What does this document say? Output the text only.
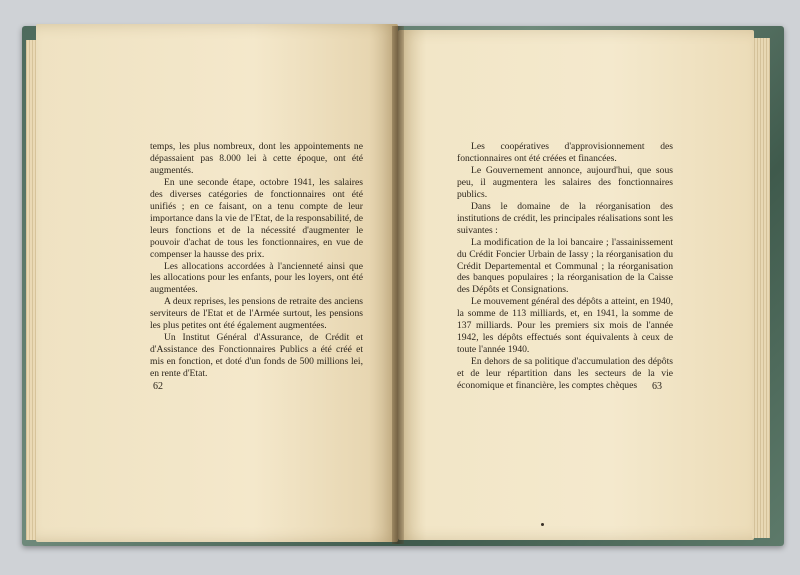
temps, les plus nombreux, dont les appointements ne dépassaient pas 8.000 lei à cette époque, ont été augmentés.

En une seconde étape, octobre 1941, les salaires des diverses catégories de fonctionnaires ont été unifiés ; en ce faisant, on a tenu compte de leur importance dans la vie de l'Etat, de la responsabilité, de leurs fonctions et de la nécessité d'augmenter le pouvoir d'achat de tous les fonctionnaires, en vue de compenser la hausse des prix.

Les allocations accordées à l'ancienneté ainsi que les allocations pour les enfants, pour les loyers, ont été augmentées.

A deux reprises, les pensions de retraite des anciens serviteurs de l'Etat et de l'Armée surtout, les pensions les plus petites ont été également augmentées.

Un Institut Général d'Assurance, de Crédit et d'Assistance des Fonctionnaires Publics a été créé et mis en fonction, et doté d'un fonds de 500 millions lei, en rente d'Etat.

62

Les coopératives d'approvisionnement des fonctionnaires ont été créées et financées.

Le Gouvernement annonce, aujourd'hui, que sous peu, il augmentera les salaires des fonctionnaires publics.

Dans le domaine de la réorganisation des institutions de crédit, les principales réalisations sont les suivantes :

La modification de la loi bancaire ; l'assainissement du Crédit Foncier Urbain de Iassy ; la réorganisation du Crédit Departemental et Communal ; la réorganisation des banques populaires ; la réorganisation de la Caisse des Dépôts et Consignations.

Le mouvement général des dépôts a atteint, en 1940, la somme de 113 milliards, et, en 1941, la somme de 137 milliards. Pour les premiers six mois de l'année 1942, les dépôts effectués sont équivalents à ceux de toute l'année 1940.

En dehors de sa politique d'accumulation des dépôts et de leur répartition dans les secteurs de la vie économique et financière, les comptes chèques	63
